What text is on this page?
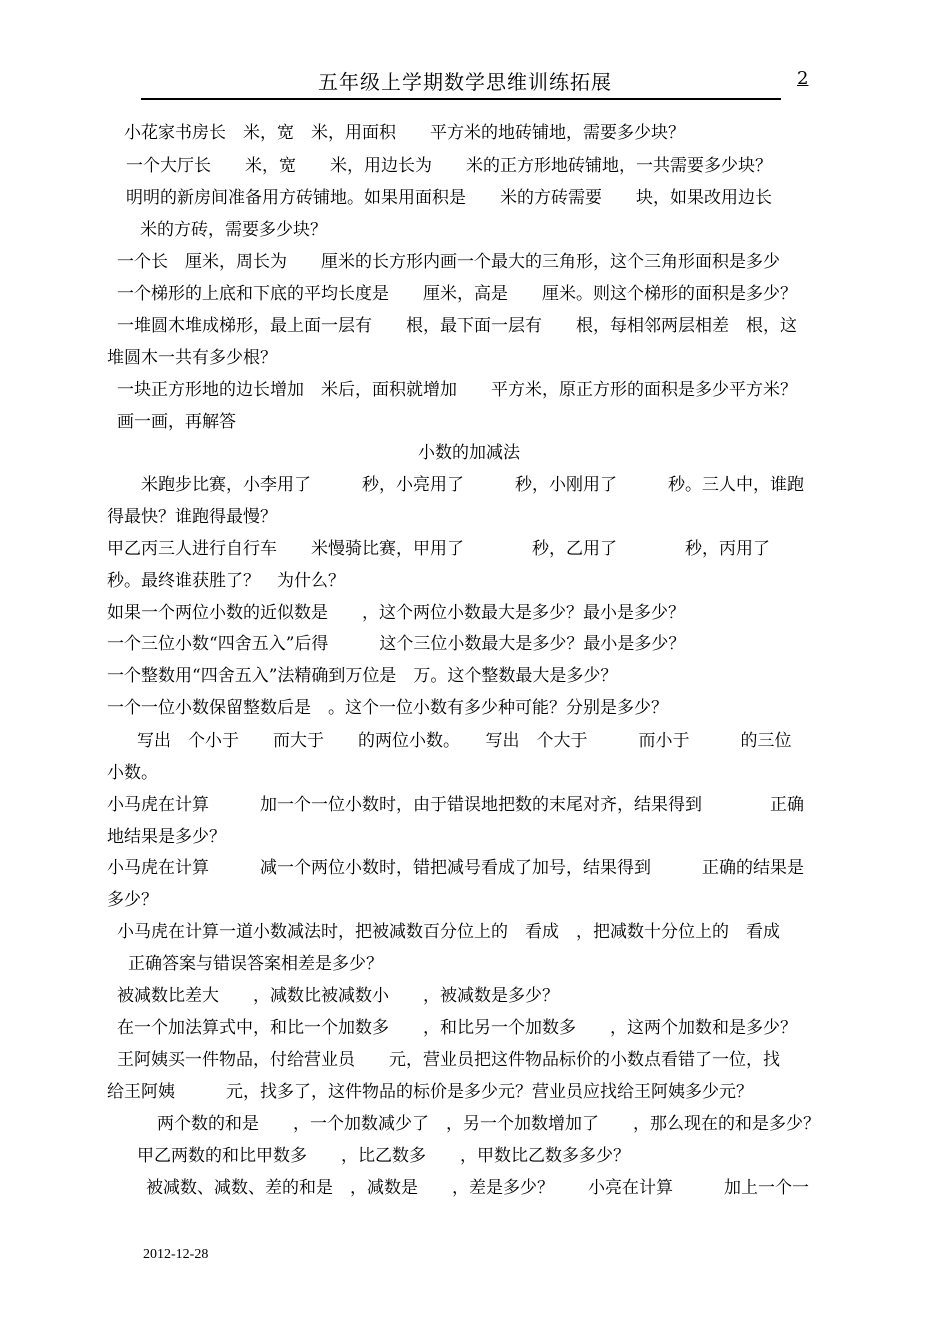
五年级上学期数学思维训练拓展	2
小花家书房长　米，宽　米，用面积　　平方米的地砖铺地，需要多少块？
一个大厅长　　米，宽　　米，用边长为　　米的正方形地砖铺地，一共需要多少块？
明明的新房间准备用方砖铺地。如果用面积是　　米的方砖需要　　块，如果改用边长
米的方砖，需要多少块？
一个长　厘米，周长为　　厘米的长方形内画一个最大的三角形，这个三角形面积是多少
一个梯形的上底和下底的平均长度是　　厘米，高是　　厘米。则这个梯形的面积是多少？
一堆圆木堆成梯形，最上面一层有　　根，最下面一层有　　根，每相邻两层相差　根，这
堆圆木一共有多少根？
一块正方形地的边长增加　米后，面积就增加　　平方米，原正方形的面积是多少平方米？
画一画，再解答
小数的加减法
米跑步比赛，小李用了　　　秒，小亮用了　　　秒，小刚用了　　　秒。三人中，谁跑
得最快？谁跑得最慢？
甲乙丙三人进行自行车　　米慢骑比赛，甲用了　　　　秒，乙用了　　　　秒，丙用了
秒。最终谁获胜了？　为什么？
如果一个两位小数的近似数是　　，这个两位小数最大是多少？最小是多少？
一个三位小数“四舍五入”后得　　　这个三位小数最大是多少？最小是多少？
一个整数用“四舍五入”法精确到万位是　万。这个整数最大是多少？
一个一位小数保留整数后是　。这个一位小数有多少种可能？分别是多少？
写出　个小于　　而大于　　的两位小数。　　写出　个大于　　　而小于　　　的三位
小数。
小马虎在计算　　　加一个一位小数时，由于错误地把数的末尾对齐，结果得到　　　　正确
地结果是多少？
小马虎在计算　　　减一个两位小数时，错把减号看成了加号，结果得到　　　正确的结果是
多少？
小马虎在计算一道小数减法时，把被减数百分位上的　看成　，把减数十分位上的　看成
正确答案与错误答案相差是多少？
被减数比差大　　，减数比被减数小　　，被减数是多少？
在一个加法算式中，和比一个加数多　　，和比另一个加数多　　，这两个加数和是多少？
王阿姨买一件物品，付给营业员　　元，营业员把这件物品标价的小数点看错了一位，找
给王阿姨　　　元，找多了，这件物品的标价是多少元？营业员应找给王阿姨多少元？
两个数的和是　　，一个加数减少了　，另一个加数增加了　　，那么现在的和是多少？
甲乙两数的和比甲数多　　，比乙数多　　，甲数比乙数多多少？
被减数、减数、差的和是　，减数是　　，差是多少？　　小亮在计算　　　加上一个一
2012-12-28
